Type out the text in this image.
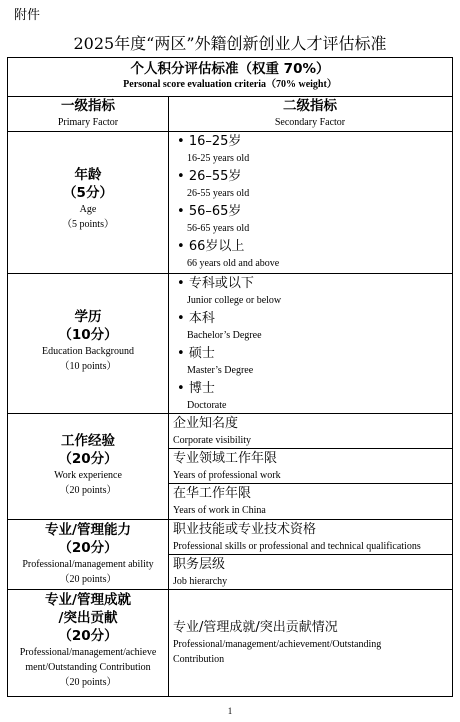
附件
2025年度“两区”外籍创新创业人才评估标准
个人积分评估标准（权重 70%）
Personal score evaluation criteria（70% weight）
一级指标
Primary Factor
二级指标
Secondary Factor
年龄
（5分）
Age
（5 points）
• 16–25岁
16-25 years old
• 26–55岁
26-55 years old
• 56–65岁
56-65 years old
• 66岁以上
66 years old and above
学历
（10分）
Education Background
（10 points）
• 专科或以下
Junior college or below
• 本科
Bachelor’s Degree
• 硕士
Master’s Degree
• 博士
Doctorate
工作经验
（20分）
Work experience
（20 points）
企业知名度
Corporate visibility
专业领域工作年限
Years of professional work
在华工作年限
Years of work in China
专业/管理能力
（20分）
Professional/management ability
（20 points）
职业技能或专业技术资格
Professional skills or professional and technical qualifications
职务层级
Job hierarchy
专业/管理成就
/突出贡献
（20分）
Professional/management/achieve
ment/Outstanding Contribution
（20 points）
专业/管理成就/突出贡献情况
Professional/management/achievement/Outstanding
Contribution
1
